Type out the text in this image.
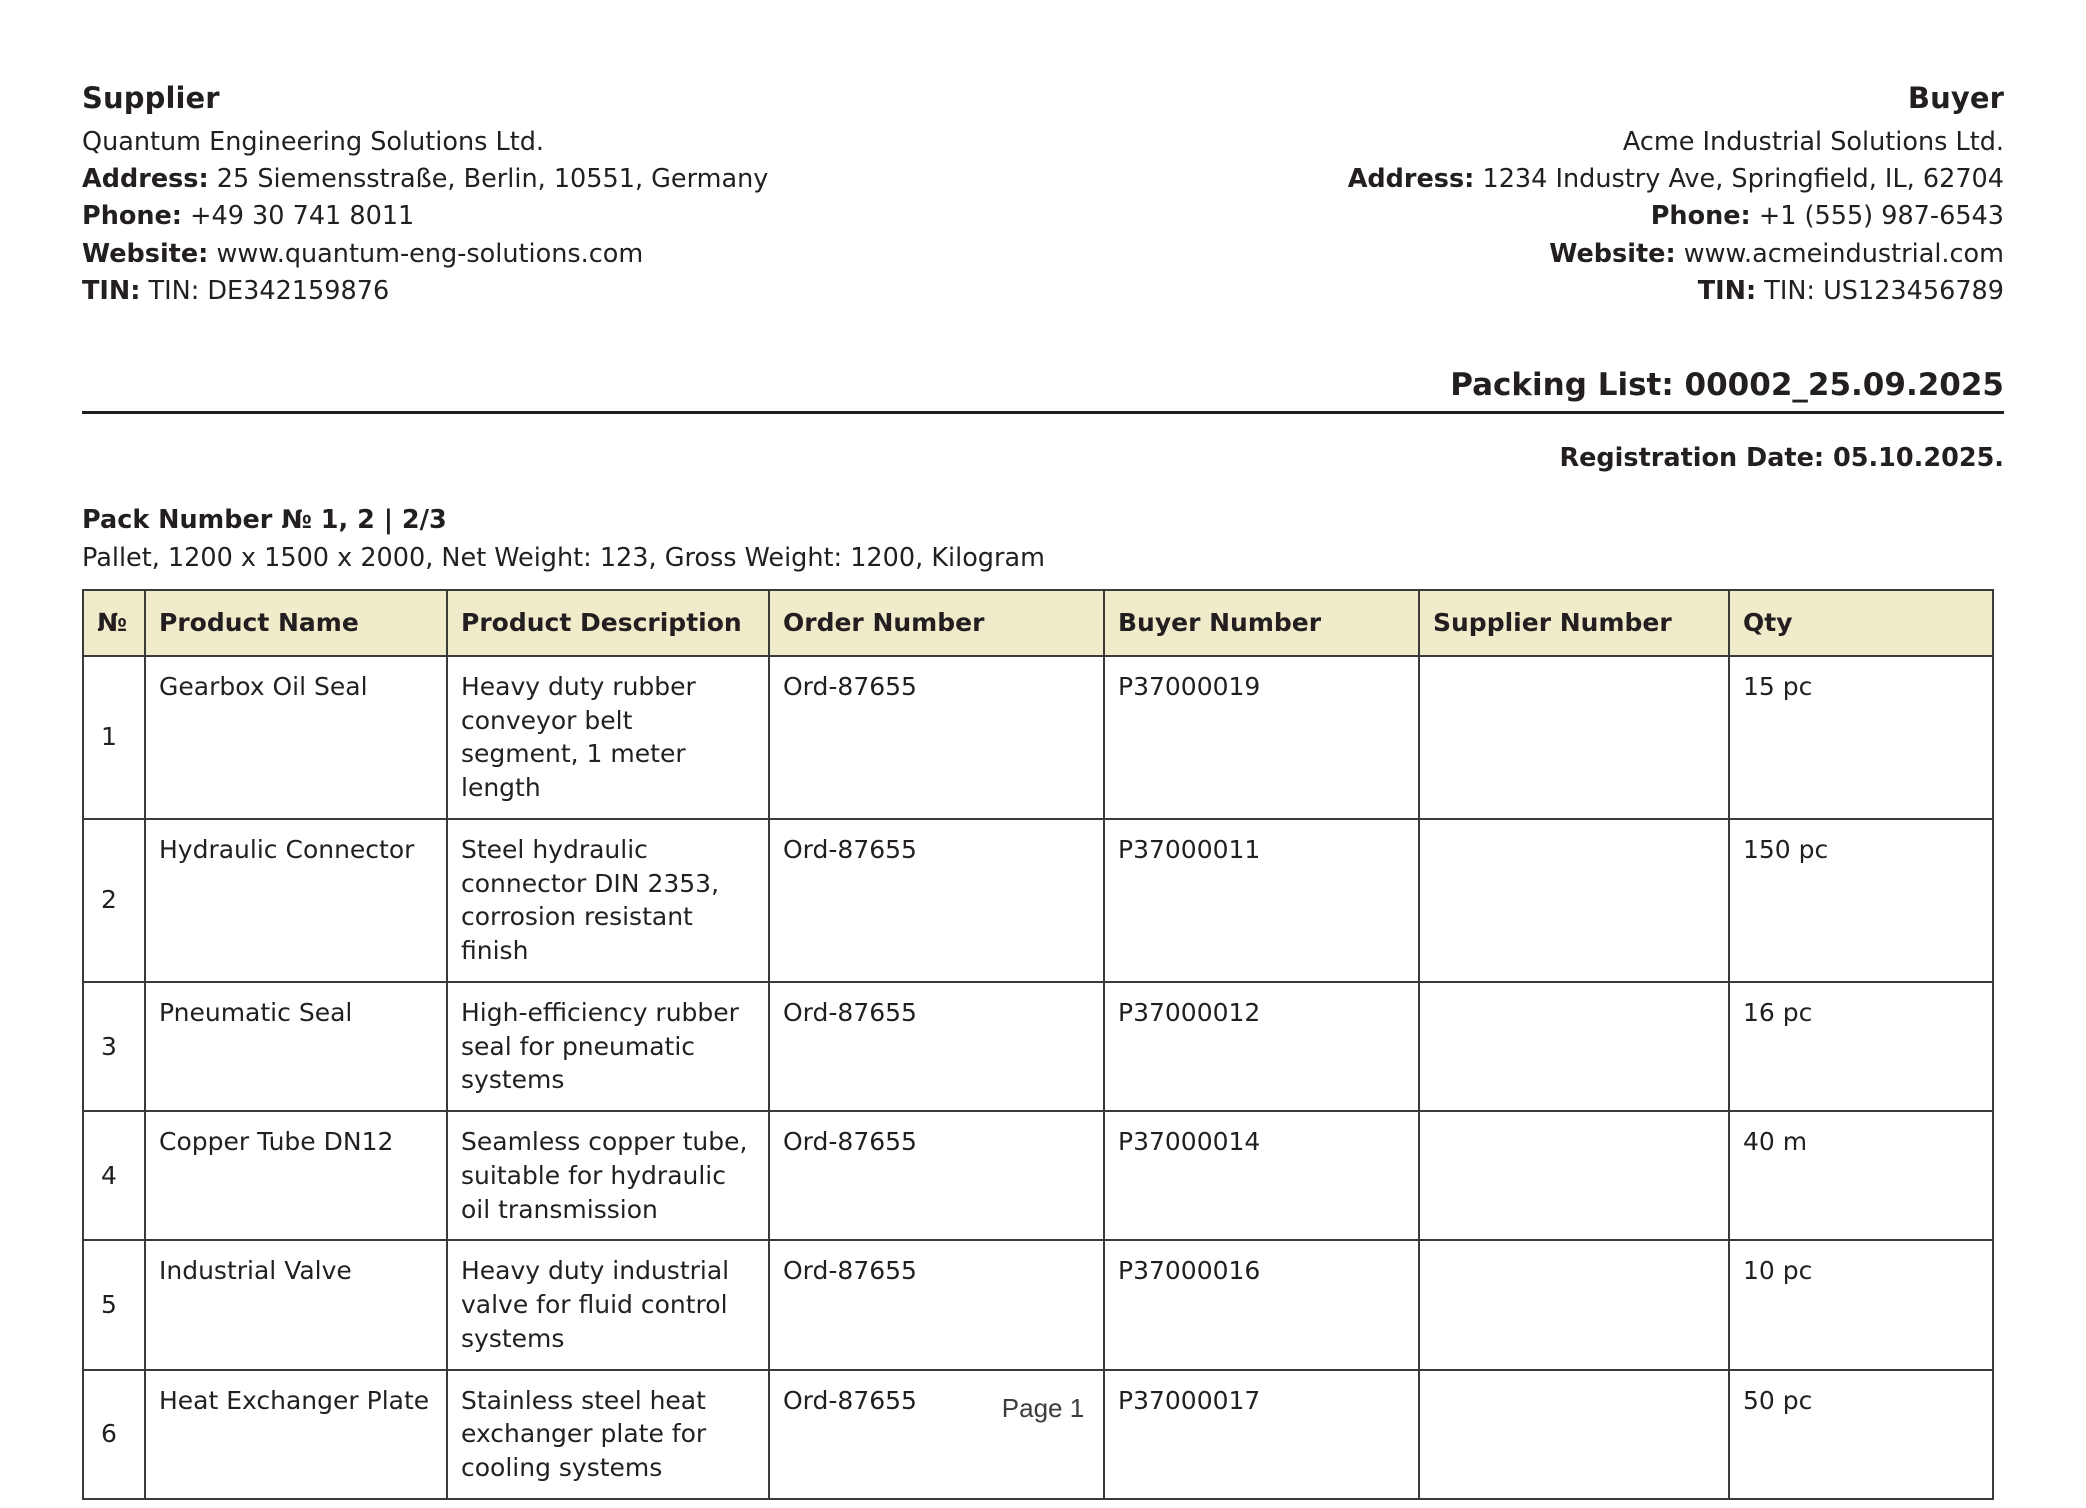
Supplier
Quantum Engineering Solutions Ltd.
Address: 25 Siemensstraße, Berlin, 10551, Germany
Phone: +49 30 741 8011
Website: www.quantum-eng-solutions.com
TIN: TIN: DE342159876
Buyer
Acme Industrial Solutions Ltd.
Address: 1234 Industry Ave, Springfield, IL, 62704
Phone: +1 (555) 987-6543
Website: www.acmeindustrial.com
TIN: TIN: US123456789
Packing List: 00002_25.09.2025
Registration Date: 05.10.2025.
Pack Number № 1, 2 | 2/3
Pallet, 1200 x 1500 x 2000, Net Weight: 123, Gross Weight: 1200, Kilogram
№	Product Name	Product Description	Order Number	Buyer Number	Supplier Number	Qty
1	Gearbox Oil Seal	Heavy duty rubber conveyor belt segment, 1 meter length	Ord-87655	P37000019		15 pc
2	Hydraulic Connector	Steel hydraulic connector DIN 2353, corrosion resistant finish	Ord-87655	P37000011		150 pc
3	Pneumatic Seal	High-efficiency rubber seal for pneumatic systems	Ord-87655	P37000012		16 pc
4	Copper Tube DN12	Seamless copper tube, suitable for hydraulic oil transmission	Ord-87655	P37000014		40 m
5	Industrial Valve	Heavy duty industrial valve for fluid control systems	Ord-87655	P37000016		10 pc
6	Heat Exchanger Plate	Stainless steel heat exchanger plate for cooling systems	Ord-87655	P37000017		50 pc
Page 1
